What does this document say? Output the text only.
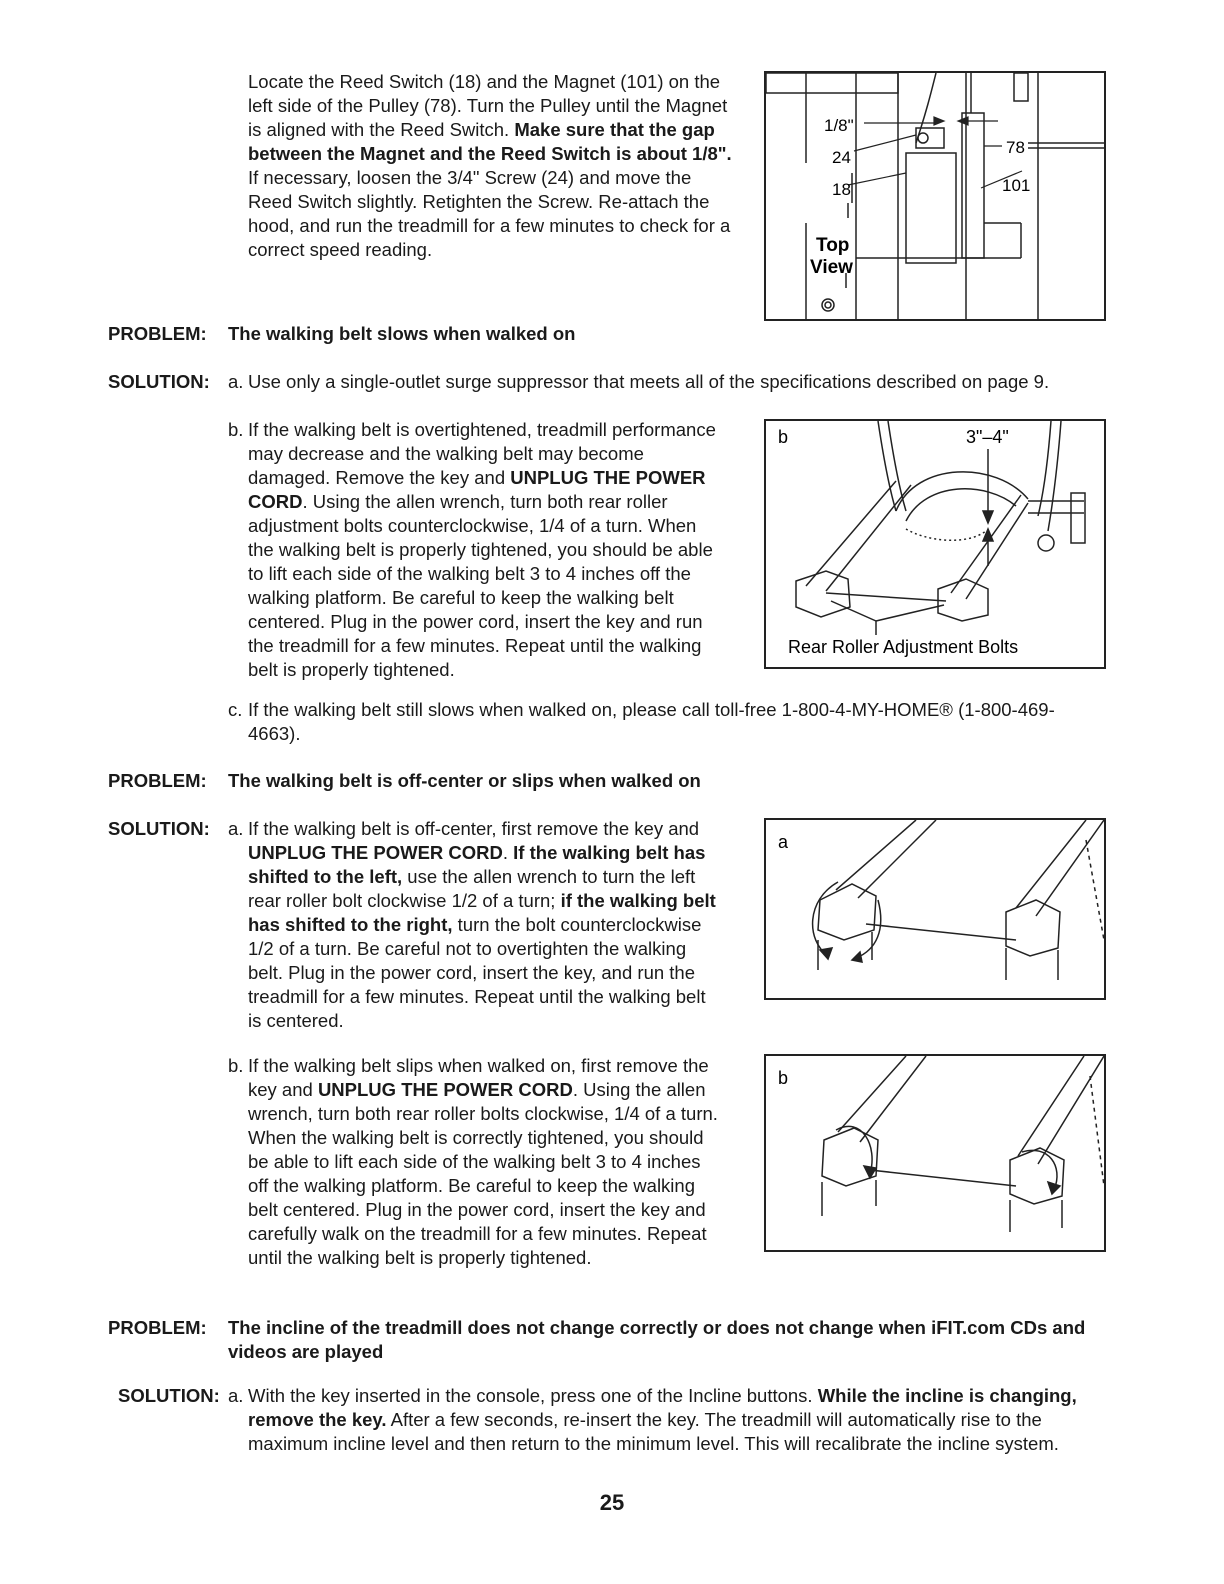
Locate the Reed Switch (18) and the Magnet (101) on the left side of the Pulley (78). Turn the Pulley until the Magnet is aligned with the Reed Switch. Make sure that the gap between the Magnet and the Reed Switch is about 1/8". If necessary, loosen the 3/4" Screw (24) and move the Reed Switch slightly. Retighten the Screw. Re-attach the hood, and run the treadmill for a few minutes to check for a correct speed reading.
1/8"
24
18
78
101
Top
View
PROBLEM: The walking belt slows when walked on
SOLUTION: a. Use only a single-outlet surge suppressor that meets all of the specifications described on page 9.
b. If the walking belt is overtightened, treadmill performance may decrease and the walking belt may become damaged. Remove the key and UNPLUG THE POWER CORD. Using the allen wrench, turn both rear roller adjustment bolts counterclockwise, 1/4 of a turn. When the walking belt is properly tightened, you should be able to lift each side of the walking belt 3 to 4 inches off the walking platform. Be careful to keep the walking belt centered. Plug in the power cord, insert the key and run the treadmill for a few minutes. Repeat until the walking belt is properly tightened.
b	3"–4"
Rear Roller Adjustment Bolts
c. If the walking belt still slows when walked on, please call toll-free 1-800-4-MY-HOME® (1-800-469-4663).
PROBLEM: The walking belt is off-center or slips when walked on
SOLUTION: a. If the walking belt is off-center, first remove the key and UNPLUG THE POWER CORD. If the walking belt has shifted to the left, use the allen wrench to turn the left rear roller bolt clockwise 1/2 of a turn; if the walking belt has shifted to the right, turn the bolt counterclockwise 1/2 of a turn. Be careful not to overtighten the walking belt. Plug in the power cord, insert the key, and run the treadmill for a few minutes. Repeat until the walking belt is centered.
a
b. If the walking belt slips when walked on, first remove the key and UNPLUG THE POWER CORD. Using the allen wrench, turn both rear roller bolts clockwise, 1/4 of a turn. When the walking belt is correctly tightened, you should be able to lift each side of the walking belt 3 to 4 inches off the walking platform. Be careful to keep the walking belt centered. Plug in the power cord, insert the key and carefully walk on the treadmill for a few minutes. Repeat until the walking belt is properly tightened.
b
PROBLEM: The incline of the treadmill does not change correctly or does not change when iFIT.com CDs and videos are played
SOLUTION: a. With the key inserted in the console, press one of the Incline buttons. While the incline is changing, remove the key. After a few seconds, re-insert the key. The treadmill will automatically rise to the maximum incline level and then return to the minimum level. This will recalibrate the incline system.
25
